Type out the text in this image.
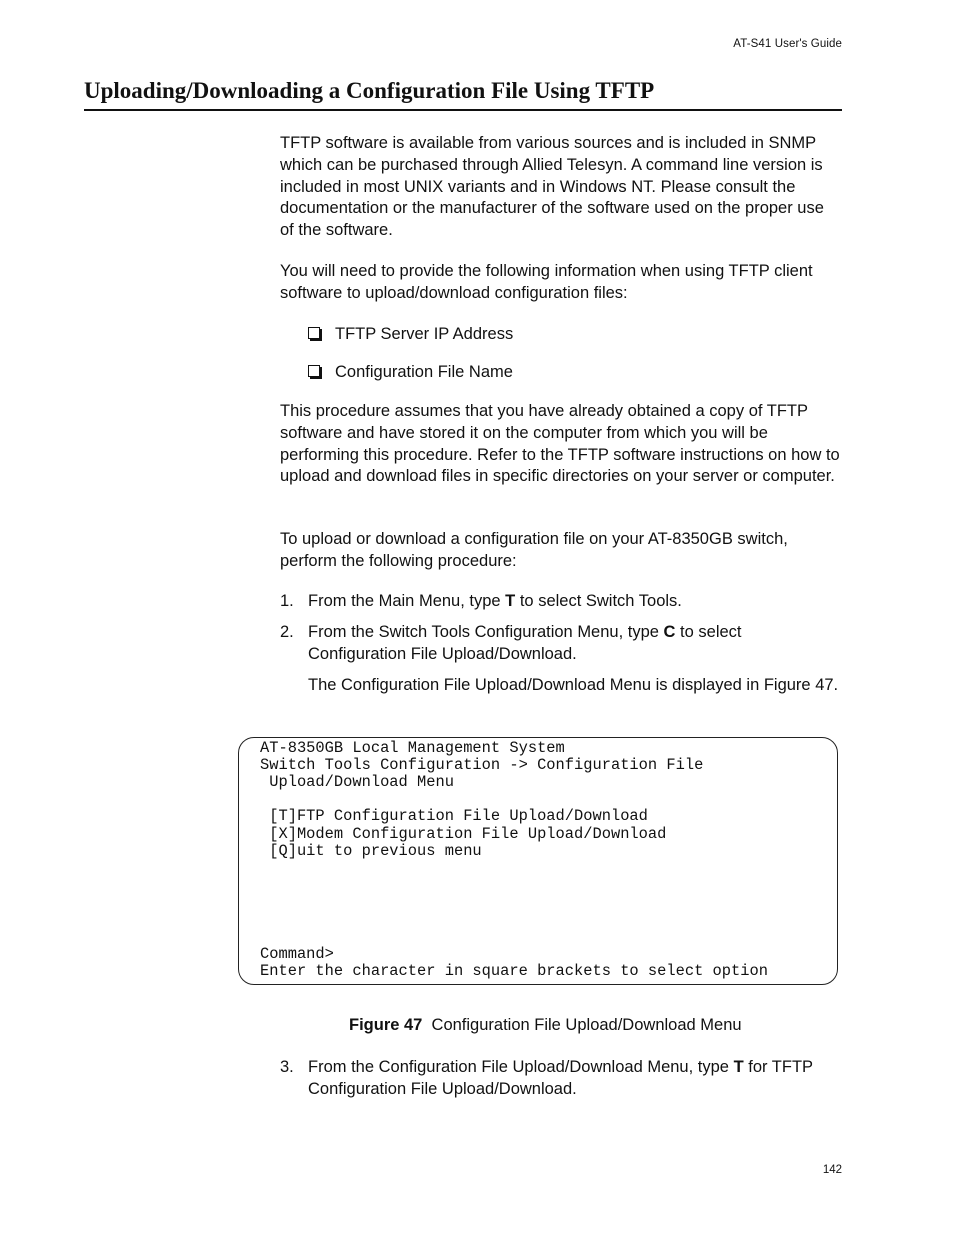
AT-S41 User's Guide
Uploading/Downloading a Configuration File Using TFTP

TFTP software is available from various sources and is included in SNMP which can be purchased through Allied Telesyn. A command line version is included in most UNIX variants and in Windows NT. Please consult the documentation or the manufacturer of the software used on the proper use of the software.

You will need to provide the following information when using TFTP client software to upload/download configuration files:

TFTP Server IP Address
Configuration File Name

This procedure assumes that you have already obtained a copy of TFTP software and have stored it on the computer from which you will be performing this procedure. Refer to the TFTP software instructions on how to upload and download files in specific directories on your server or computer.

To upload or download a configuration file on your AT-8350GB switch, perform the following procedure:

1. From the Main Menu, type T to select Switch Tools.

2. From the Switch Tools Configuration Menu, type C to select Configuration File Upload/Download.

The Configuration File Upload/Download Menu is displayed in Figure 47.

AT-8350GB Local Management System
Switch Tools Configuration -> Configuration File
Upload/Download Menu
[T]FTP Configuration File Upload/Download
[X]Modem Configuration File Upload/Download
[Q]uit to previous menu
Command>
Enter the character in square brackets to select option
Figure 47 Configuration File Upload/Download Menu
3. From the Configuration File Upload/Download Menu, type T for TFTP Configuration File Upload/Download.

142
